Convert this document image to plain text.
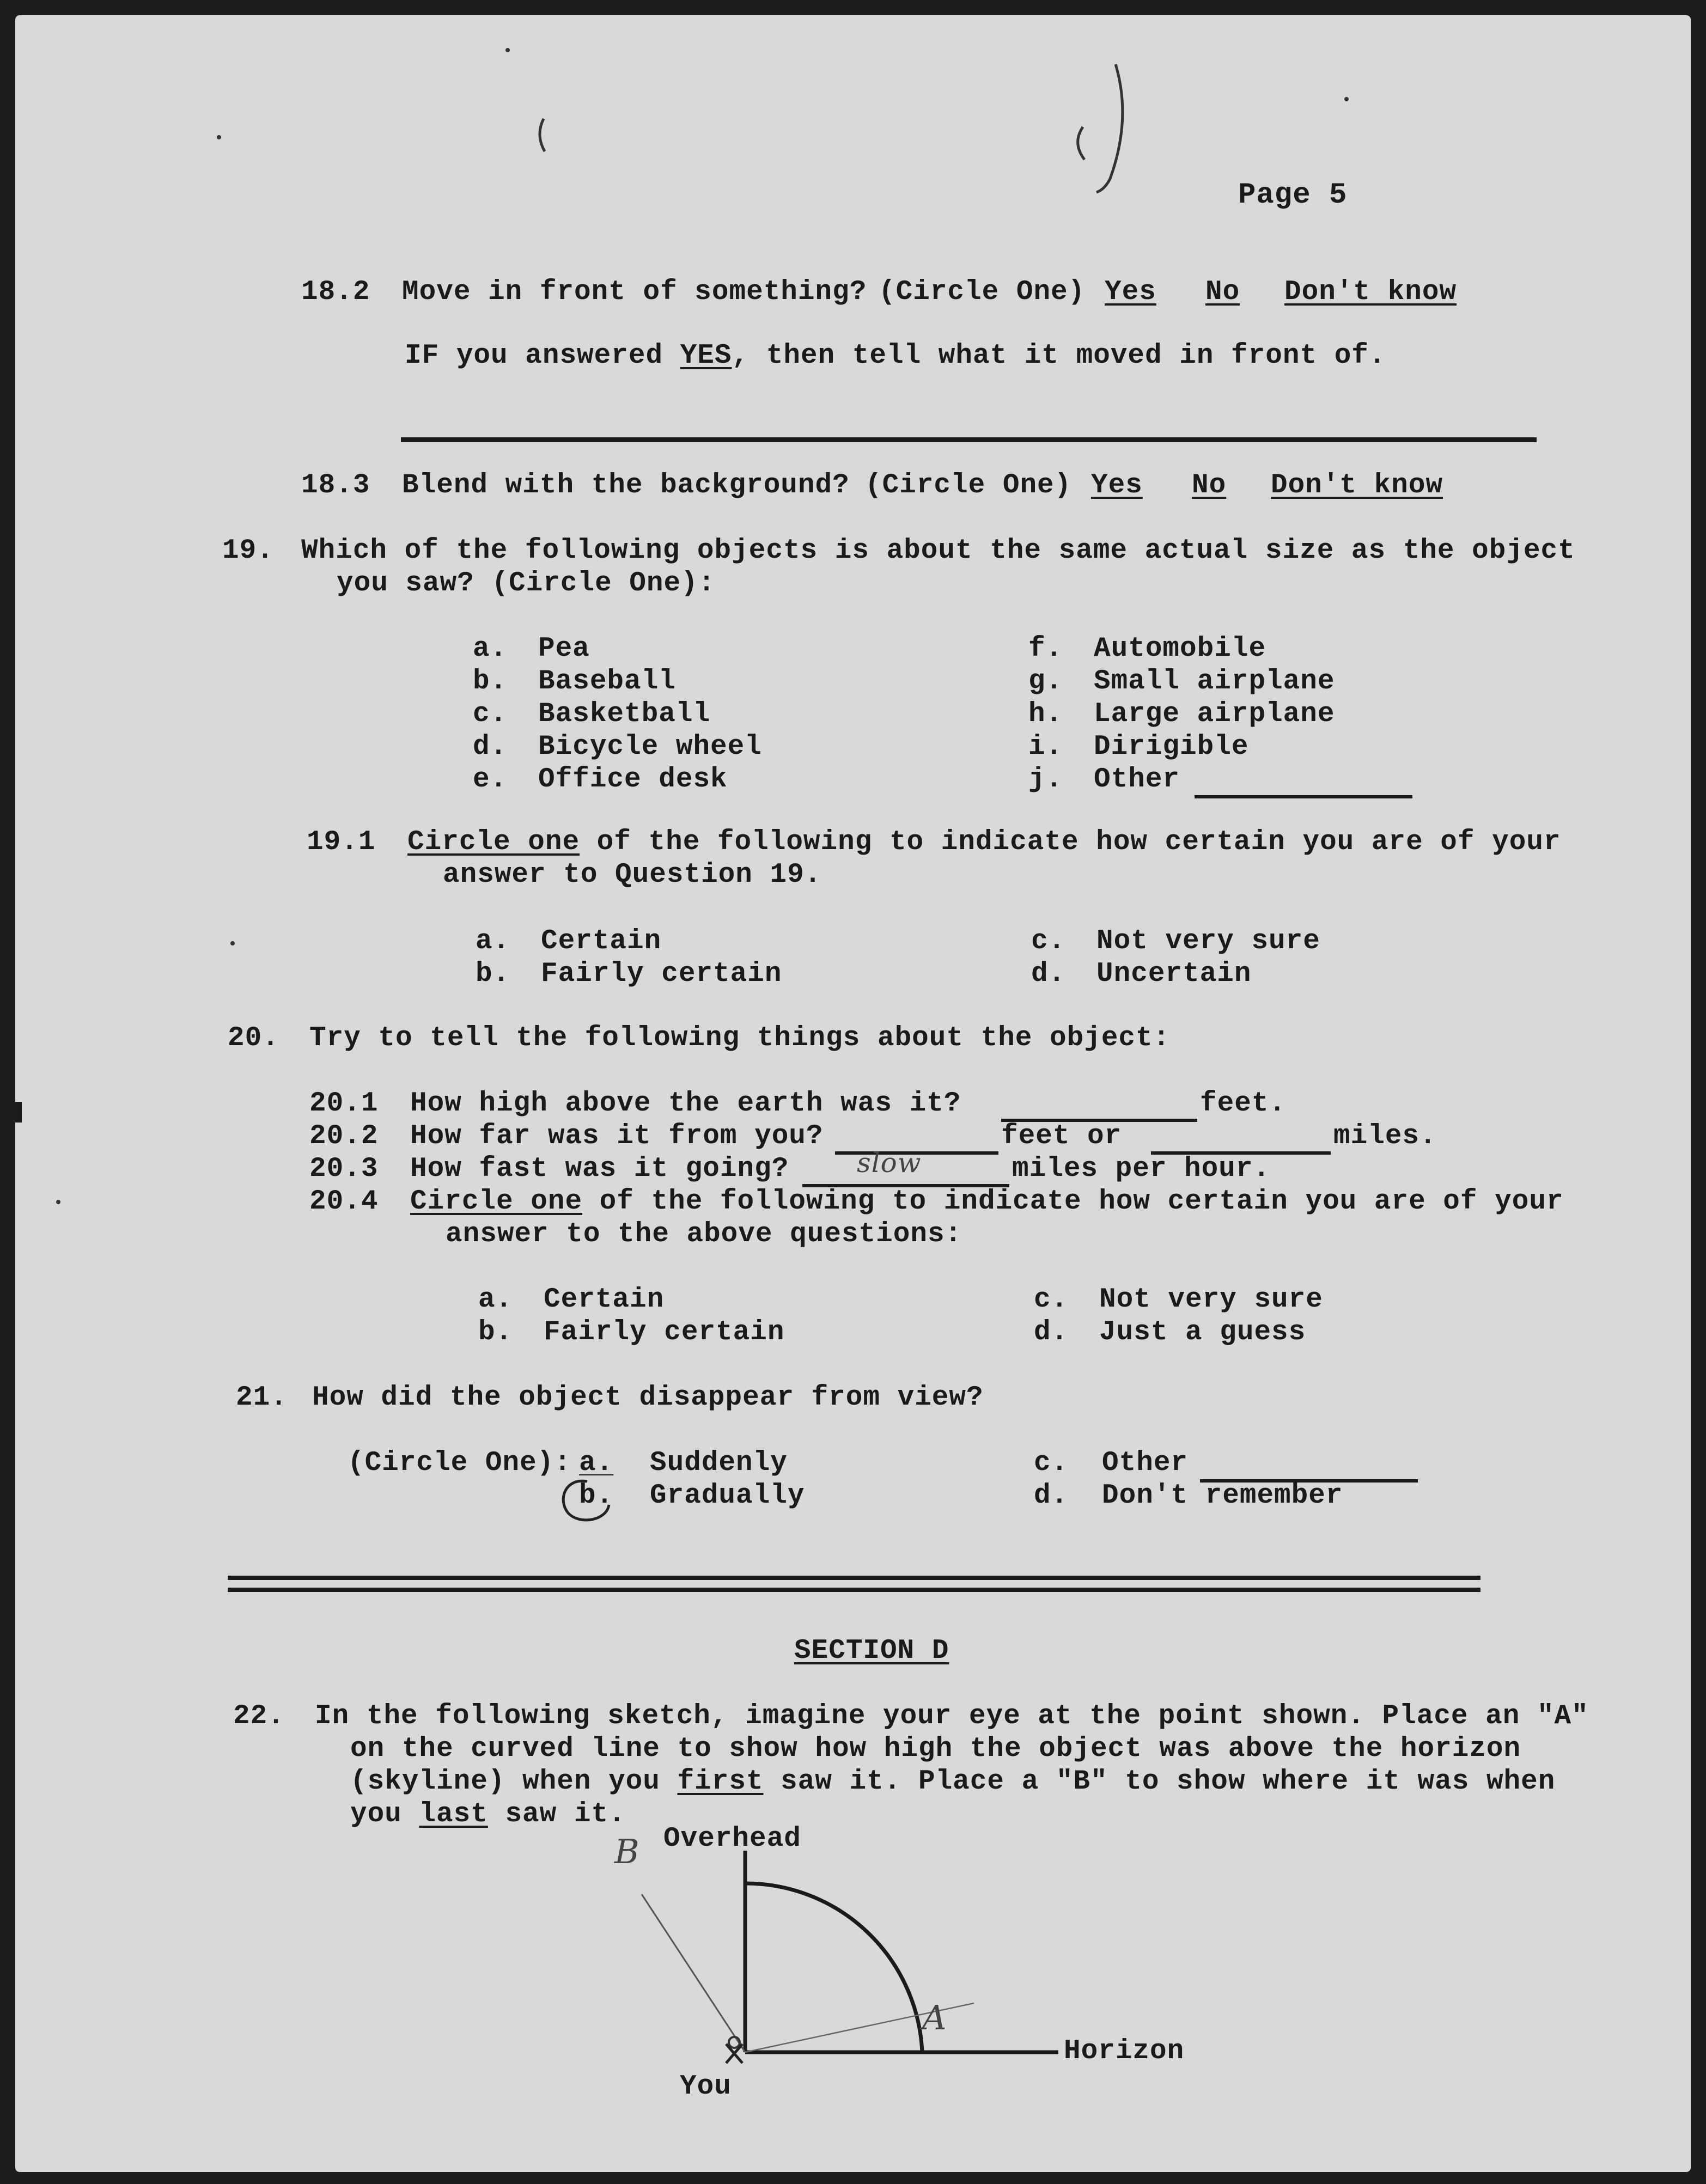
Page 5
18.2 Move in front of something? (Circle One) Yes No Don't know
IF you answered YES, then tell what it moved in front of.
18.3 Blend with the background? (Circle One) Yes No Don't know
19. Which of the following objects is about the same actual size as the object
you saw? (Circle One):
a. Pea
b. Baseball
c. Basketball
d. Bicycle wheel
e. Office desk
f. Automobile
g. Small airplane
h. Large airplane
i. Dirigible
j. Other
19.1 Circle one of the following to indicate how certain you are of your
answer to Question 19.
a. Certain
b. Fairly certain
c. Not very sure
d. Uncertain
20. Try to tell the following things about the object:
20.1 How high above the earth was it?	feet.
20.2 How far was it from you?	feet or	miles.
20.3 How fast was it going? slow	miles per hour.
20.4 Circle one of the following to indicate how certain you are of your
answer to the above questions:
a. Certain
b. Fairly certain
c. Not very sure
d. Just a guess
21. How did the object disappear from view?
(Circle One): a. Suddenly
b. Gradually
c. Other
d. Don't remember
SECTION D
22. In the following sketch, imagine your eye at the point shown. Place an "A"
on the curved line to show how high the object was above the horizon
(skyline) when you first saw it. Place a "B" to show where it was when
you last saw it.
Overhead
Horizon
You
B
A
